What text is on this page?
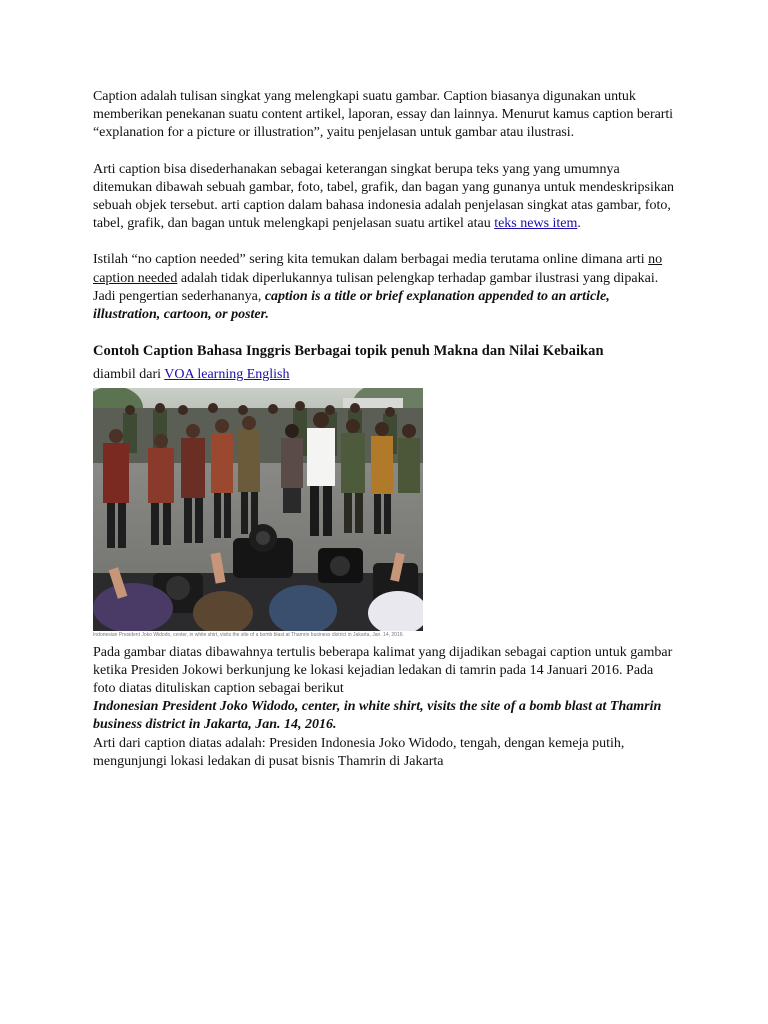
Caption adalah tulisan singkat yang melengkapi suatu gambar. Caption biasanya digunakan untuk memberikan penekanan suatu content artikel, laporan, essay dan lainnya. Menurut kamus caption berarti “explanation for a picture or illustration”, yaitu penjelasan untuk gambar atau ilustrasi.

Arti caption bisa disederhanakan sebagai keterangan singkat berupa teks yang yang umumnya ditemukan dibawah sebuah gambar, foto, tabel, grafik, dan bagan yang gunanya untuk mendeskripsikan sebuah objek tersebut. arti caption dalam bahasa indonesia adalah penjelasan singkat atas gambar, foto, tabel, grafik, dan bagan untuk melengkapi penjelasan suatu artikel atau teks news item.

Istilah “no caption needed” sering kita temukan dalam berbagai media terutama online dimana arti no caption needed adalah tidak diperlukannya tulisan pelengkap terhadap gambar ilustrasi yang dipakai. Jadi pengertian sederhananya, caption is a title or brief explanation appended to an article, illustration, cartoon, or poster.

Contoh Caption Bahasa Inggris Berbagai topik penuh Makna dan Nilai Kebaikan

diambil dari VOA learning English

Indonesian President Joko Widodo, center, in white shirt, visits the site of a bomb blast at Thamrin business district in Jakarta, Jan. 14, 2016.

Pada gambar diatas dibawahnya tertulis beberapa kalimat yang dijadikan sebagai caption untuk gambar ketika Presiden Jokowi berkunjung ke lokasi kejadian ledakan di tamrin pada 14 Januari 2016. Pada foto diatas dituliskan caption sebagai berikut

Indonesian President Joko Widodo, center, in white shirt, visits the site of a bomb blast at Thamrin business district in Jakarta, Jan. 14, 2016.

Arti dari caption diatas adalah: Presiden Indonesia Joko Widodo, tengah, dengan kemeja putih, mengunjungi lokasi ledakan di pusat bisnis Thamrin di Jakarta
